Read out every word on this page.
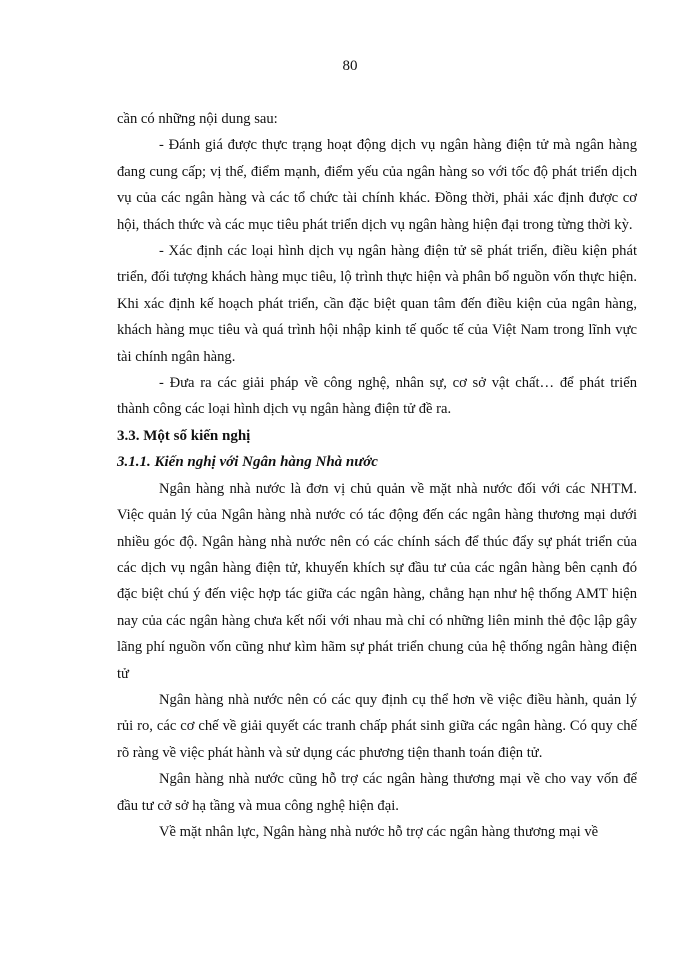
80

cần có những nội dung sau:

- Đánh giá được thực trạng hoạt động dịch vụ ngân hàng điện tử mà ngân hàng đang cung cấp; vị thế, điểm mạnh, điểm yếu của ngân hàng so với tốc độ phát triển dịch vụ của các ngân hàng và các tổ chức tài chính khác. Đồng thời, phải xác định được cơ hội, thách thức và các mục tiêu phát triển dịch vụ ngân hàng hiện đại trong từng thời kỳ.

- Xác định các loại hình dịch vụ ngân hàng điện tử sẽ phát triển, điều kiện phát triển, đối tượng khách hàng mục tiêu, lộ trình thực hiện và phân bổ nguồn vốn thực hiện. Khi xác định kế hoạch phát triển, cần đặc biệt quan tâm đến điều kiện của ngân hàng, khách hàng mục tiêu và quá trình hội nhập kinh tế quốc tế của Việt Nam trong lĩnh vực tài chính ngân hàng.

- Đưa ra các giải pháp về công nghệ, nhân sự, cơ sở vật chất… để phát triển thành công các loại hình dịch vụ ngân hàng điện tử đề ra.

3.3. Một số kiến nghị

3.1.1. Kiến nghị với Ngân hàng Nhà nước

Ngân hàng nhà nước là đơn vị chủ quản về mặt nhà nước đối với các NHTM. Việc quản lý của Ngân hàng nhà nước có tác động đến các ngân hàng thương mại dưới nhiều góc độ. Ngân hàng nhà nước nên có các chính sách để thúc đẩy sự phát triển của các dịch vụ ngân hàng điện tử, khuyến khích sự đầu tư của các ngân hàng bên cạnh đó đặc biệt chú ý đến việc hợp tác giữa các ngân hàng, chẳng hạn như hệ thống AMT hiện nay của các ngân hàng chưa kết nối với nhau mà chỉ có những liên minh thẻ độc lập gây lãng phí nguồn vốn cũng như kìm hãm sự phát triển chung của hệ thống ngân hàng điện tử

Ngân hàng nhà nước nên có các quy định cụ thể hơn về việc điều hành, quản lý rủi ro, các cơ chế về giải quyết các tranh chấp phát sinh giữa các ngân hàng. Có quy chế rõ ràng về việc phát hành và sử dụng các phương tiện thanh toán điện tử.

Ngân hàng nhà nước cũng hỗ trợ các ngân hàng thương mại về cho vay vốn để đầu tư cở sở hạ tầng và mua công nghệ hiện đại.

Về mặt nhân lực, Ngân hàng nhà nước hỗ trợ các ngân hàng thương mại về
